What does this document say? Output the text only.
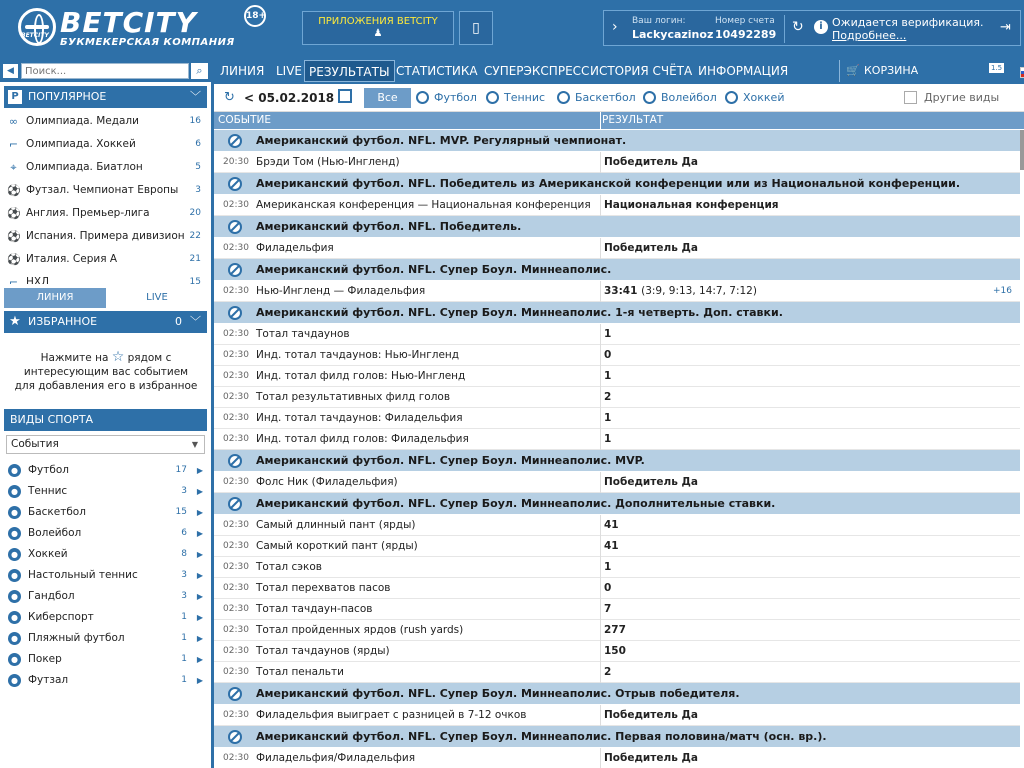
BETCITY BETCITY
БУКМЕКЕРСКАЯ КОМПАНИЯ
18+	ПРИЛОЖЕНИЯ BETCITY
♟	▯	› Ваш логин:
Lackycazinoz
Номер счета
10492289 ↻	i Ожидается верификация.
Подробнее...
⇥
◀
Поиск...	⌕
P ПОПУЛЯРНОЕ	﹀
∞ Олимпиада. Медали	16
⌐ Олимпиада. Хоккей	6
⌖ Олимпиада. Биатлон	5
⚽ Футзал. Чемпионат Европы 3
⚽ Англия. Премьер-лига	20
⚽ Испания. Примера дивизион 22
⚽ Италия. Серия А	21
⌐ НХЛ	15
ЛИНИЯ	LIVE
★ ИЗБРАННОЕ	0 ﹀
Нажмите на ☆ рядом с интересующим вас событием для добавления его в избранное
ВИДЫ СПОРТА
События	▼
● Футбол	17 ▶
● Теннис	3 ▶
● Баскетбол	15 ▶
● Волейбол	6 ▶
● Хоккей	8 ▶
● Настольный теннис	3 ▶
● Гандбол	3 ▶
● Киберспорт	1 ▶
● Пляжный футбол	1 ▶
● Покер	1 ▶
● Футзал	1 ▶
ЛИНИЯ LIVE РЕЗУЛЬТАТЫ СТАТИСТИКА СУПЕРЭКСПРЕСС ИСТОРИЯ СЧЁТА ИНФОРМАЦИЯ	1.5
🛒 КОРЗИНА
↻ < 05.02.2018	Все	Футбол	Теннис	Баскетбол	Волейбол	Хоккей	Другие виды
СОБЫТИЕ	РЕЗУЛЬТАТ
Американский футбол. NFL. MVP. Регулярный чемпионат.
20:30 Брэди Том (Нью-Ингленд)	Победитель Да
Американский футбол. NFL. Победитель из Американской конференции или из Национальной конференции.
02:30 Американская конференция — Национальная конференция Национальная конференция
Американский футбол. NFL. Победитель.
02:30 Филадельфия	Победитель Да
Американский футбол. NFL. Супер Боул. Миннеаполис.
02:30 Нью-Ингленд — Филадельфия	33:41 (3:9, 9:13, 14:7, 7:12)	+16
Американский футбол. NFL. Супер Боул. Миннеаполис. 1-я четверть. Доп. ставки.
02:30 Тотал тачдаунов	1
02:30 Инд. тотал тачдаунов: Нью-Ингленд	0
02:30 Инд. тотал филд голов: Нью-Ингленд	1
02:30 Тотал результативных филд голов	2
02:30 Инд. тотал тачдаунов: Филадельфия	1
02:30 Инд. тотал филд голов: Филадельфия	1
Американский футбол. NFL. Супер Боул. Миннеаполис. MVP.
02:30 Фолс Ник (Филадельфия)	Победитель Да
Американский футбол. NFL. Супер Боул. Миннеаполис. Дополнительные ставки.
02:30 Самый длинный пант (ярды)	41
02:30 Самый короткий пант (ярды)	41
02:30 Тотал сэков	1
02:30 Тотал перехватов пасов	0
02:30 Тотал тачдаун-пасов	7
02:30 Тотал пройденных ярдов (rush yards)	277
02:30 Тотал тачдаунов (ярды)	150
02:30 Тотал пенальти	2
Американский футбол. NFL. Супер Боул. Миннеаполис. Отрыв победителя.
02:30 Филадельфия выиграет с разницей в 7-12 очков	Победитель Да
Американский футбол. NFL. Супер Боул. Миннеаполис. Первая половина/матч (осн. вр.).
02:30 Филадельфия/Филадельфия	Победитель Да
